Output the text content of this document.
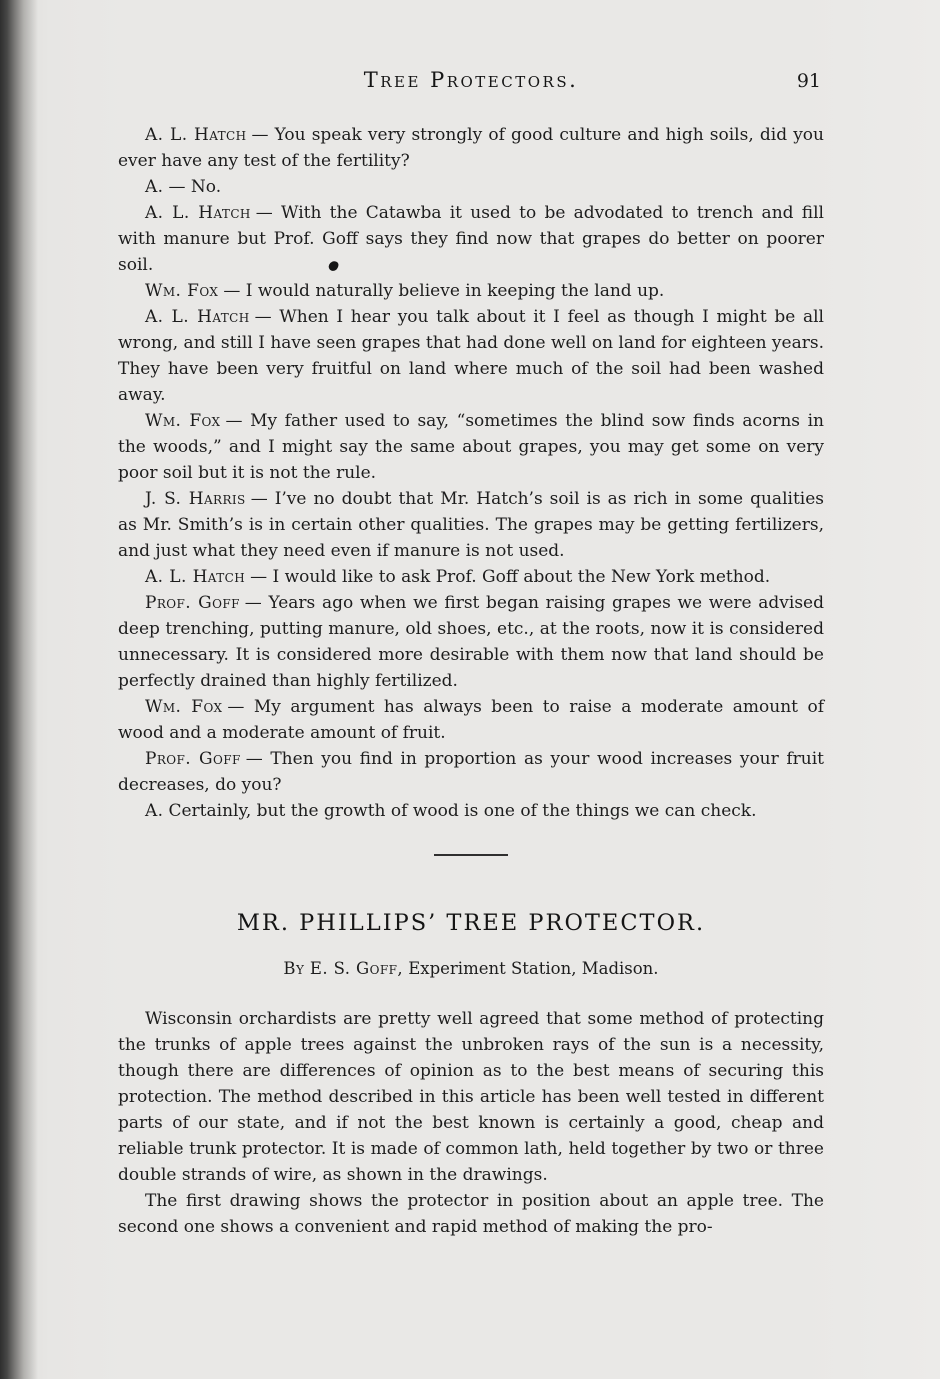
Tree Protectors.	91

A. L. Hatch — You speak very strongly of good culture and high soils, did you ever have any test of the fertility?

A. — No.

A. L. Hatch — With the Catawba it used to be advodated to trench and fill with manure but Prof. Goff says they find now that grapes do better on poorer soil.

Wm. Fox — I would naturally believe in keeping the land up.

A. L. Hatch — When I hear you talk about it I feel as though I might be all wrong, and still I have seen grapes that had done well on land for eighteen years. They have been very fruitful on land where much of the soil had been washed away.

Wm. Fox — My father used to say, “sometimes the blind sow finds acorns in the woods,” and I might say the same about grapes, you may get some on very poor soil but it is not the rule.

J. S. Harris — I’ve no doubt that Mr. Hatch’s soil is as rich in some qualities as Mr. Smith’s is in certain other qualities. The grapes may be getting fertilizers, and just what they need even if manure is not used.

A. L. Hatch — I would like to ask Prof. Goff about the New York method.

Prof. Goff — Years ago when we first began raising grapes we were advised deep trenching, putting manure, old shoes, etc., at the roots, now it is considered unnecessary. It is considered more desirable with them now that land should be perfectly drained than highly fertilized.

Wm. Fox — My argument has always been to raise a moderate amount of wood and a moderate amount of fruit.

Prof. Goff — Then you find in proportion as your wood increases your fruit decreases, do you?

A. Certainly, but the growth of wood is one of the things we can check.

MR. PHILLIPS’ TREE PROTECTOR.
By E. S. Goff, Experiment Station, Madison.

Wisconsin orchardists are pretty well agreed that some method of protecting the trunks of apple trees against the unbroken rays of the sun is a necessity, though there are differences of opinion as to the best means of securing this protection. The method described in this article has been well tested in different parts of our state, and if not the best known is certainly a good, cheap and reliable trunk protector. It is made of common lath, held together by two or three double strands of wire, as shown in the drawings.

The first drawing shows the protector in position about an apple tree. The second one shows a convenient and rapid method of making the pro-
